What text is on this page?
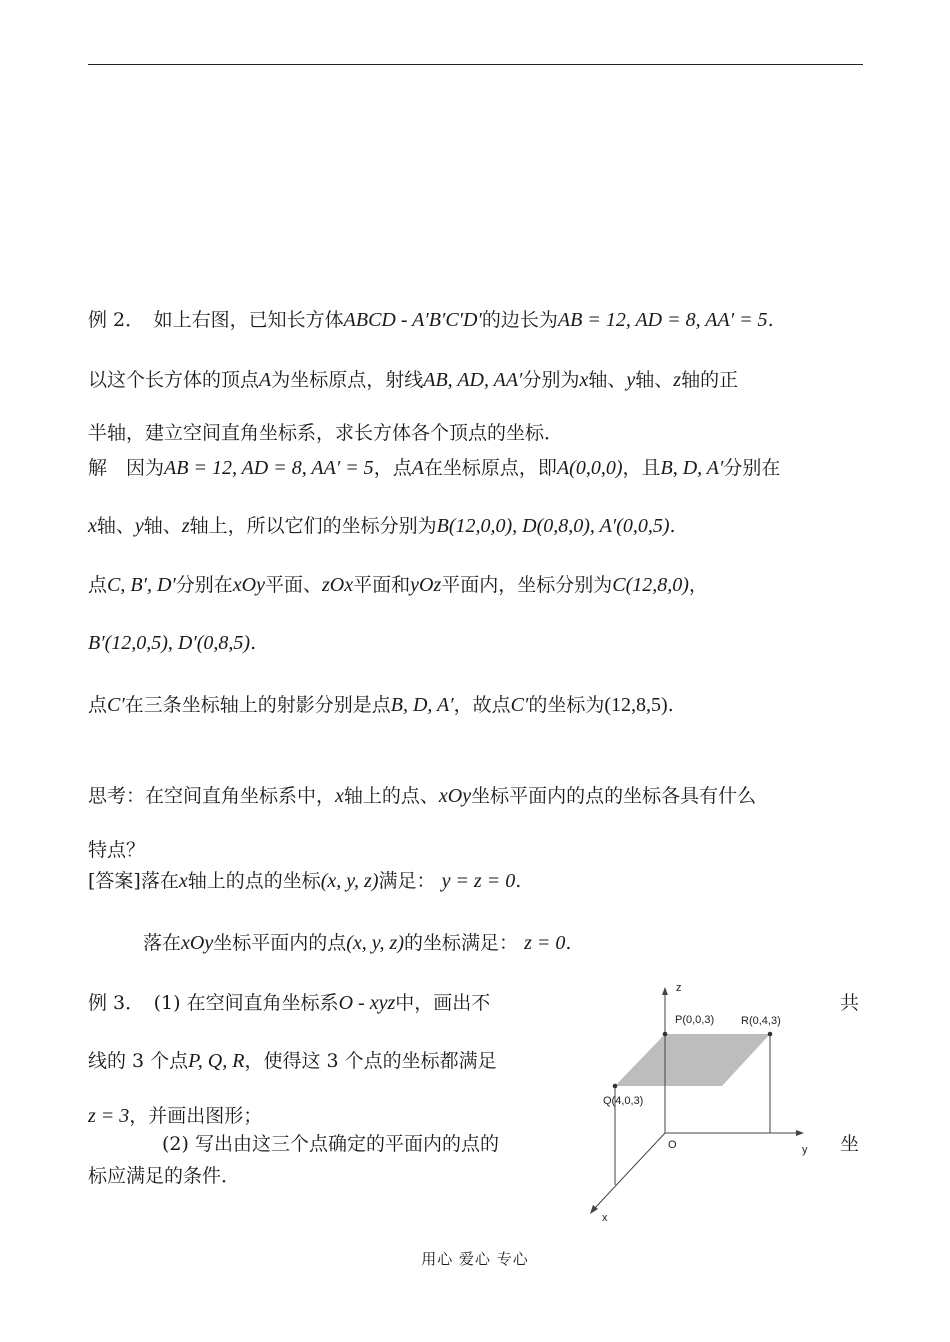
例 2．　如上右图，已知长方体ABCD - A′B′C′D′的边长为AB = 12, AD = 8, AA′ = 5.
以这个长方体的顶点A为坐标原点，射线AB, AD, AA′分别为x轴、y轴、z轴的正
半轴，建立空间直角坐标系，求长方体各个顶点的坐标．
解　因为AB = 12, AD = 8, AA′ = 5，点A在坐标原点，即A(0,0,0)，且B, D, A′分别在
x轴、y轴、z轴上，所以它们的坐标分别为B(12,0,0), D(0,8,0), A′(0,0,5).
点C, B′, D′分别在xOy平面、zOx平面和yOz平面内，坐标分别为C(12,8,0)，
B′(12,0,5), D′(0,8,5).
点C′在三条坐标轴上的射影分别是点B, D, A′，故点C′的坐标为(12,8,5).
思考：在空间直角坐标系中，x轴上的点、xOy坐标平面内的点的坐标各具有什么
特点？
[答案]落在x轴上的点的坐标(x, y, z)满足： y = z = 0.
落在xOy坐标平面内的点(x, y, z)的坐标满足： z = 0.
例 3．　(1) 在空间直角坐标系O - xyz中，画出不	共
线的 3 个点P, Q, R，使得这 3 个点的坐标都满足
z = 3，并画出图形；
(2) 写出由这三个点确定的平面内的点的	坐
标应满足的条件．
z
y
x
O
P(0,0,3) R(0,4,3)
Q(4,0,3)
用心 爱心 专心
